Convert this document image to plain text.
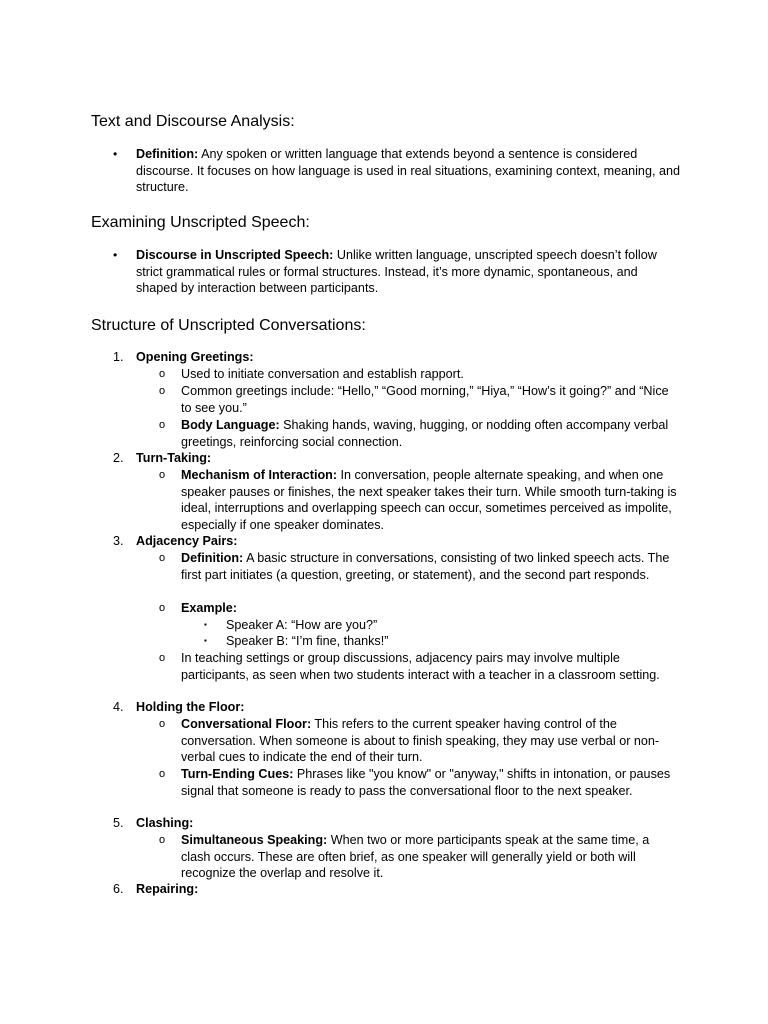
Text and Discourse Analysis:
• Definition: Any spoken or written language that extends beyond a sentence is considered discourse. It focuses on how language is used in real situations, examining context, meaning, and structure.
Examining Unscripted Speech:
• Discourse in Unscripted Speech: Unlike written language, unscripted speech doesn’t follow strict grammatical rules or formal structures. Instead, it’s more dynamic, spontaneous, and shaped by interaction between participants.
Structure of Unscripted Conversations:
1. Opening Greetings:
o Used to initiate conversation and establish rapport.
o Common greetings include: “Hello,” “Good morning,” “Hiya,” “How’s it going?” and “Nice to see you.”
o Body Language: Shaking hands, waving, hugging, or nodding often accompany verbal greetings, reinforcing social connection.
2. Turn-Taking:
o Mechanism of Interaction: In conversation, people alternate speaking, and when one speaker pauses or finishes, the next speaker takes their turn. While smooth turn-taking is ideal, interruptions and overlapping speech can occur, sometimes perceived as impolite, especially if one speaker dominates.
3. Adjacency Pairs:
o Definition: A basic structure in conversations, consisting of two linked speech acts. The first part initiates (a question, greeting, or statement), and the second part responds.
o Example:
▪ Speaker A: “How are you?”
▪ Speaker B: “I’m fine, thanks!”
o In teaching settings or group discussions, adjacency pairs may involve multiple participants, as seen when two students interact with a teacher in a classroom setting.
4. Holding the Floor:
o Conversational Floor: This refers to the current speaker having control of the conversation. When someone is about to finish speaking, they may use verbal or non-verbal cues to indicate the end of their turn.
o Turn-Ending Cues: Phrases like "you know" or "anyway," shifts in intonation, or pauses signal that someone is ready to pass the conversational floor to the next speaker.
5. Clashing:
o Simultaneous Speaking: When two or more participants speak at the same time, a clash occurs. These are often brief, as one speaker will generally yield or both will recognize the overlap and resolve it.
6. Repairing:
